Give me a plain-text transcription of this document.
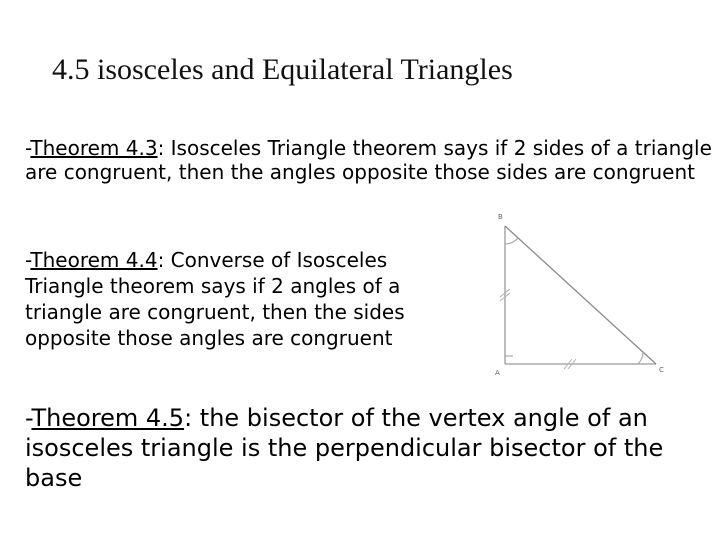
4.5 isosceles and Equilateral Triangles
-Theorem 4.3: Isosceles Triangle theorem says if 2 sides of a triangle are congruent, then the angles opposite those sides are congruent
-Theorem 4.4: Converse of Isosceles Triangle theorem says if 2 angles of a triangle are congruent, then the sides opposite those angles are congruent
-Theorem 4.5: the bisector of the vertex angle of an isosceles triangle is the perpendicular bisector of the base
B
A	C
